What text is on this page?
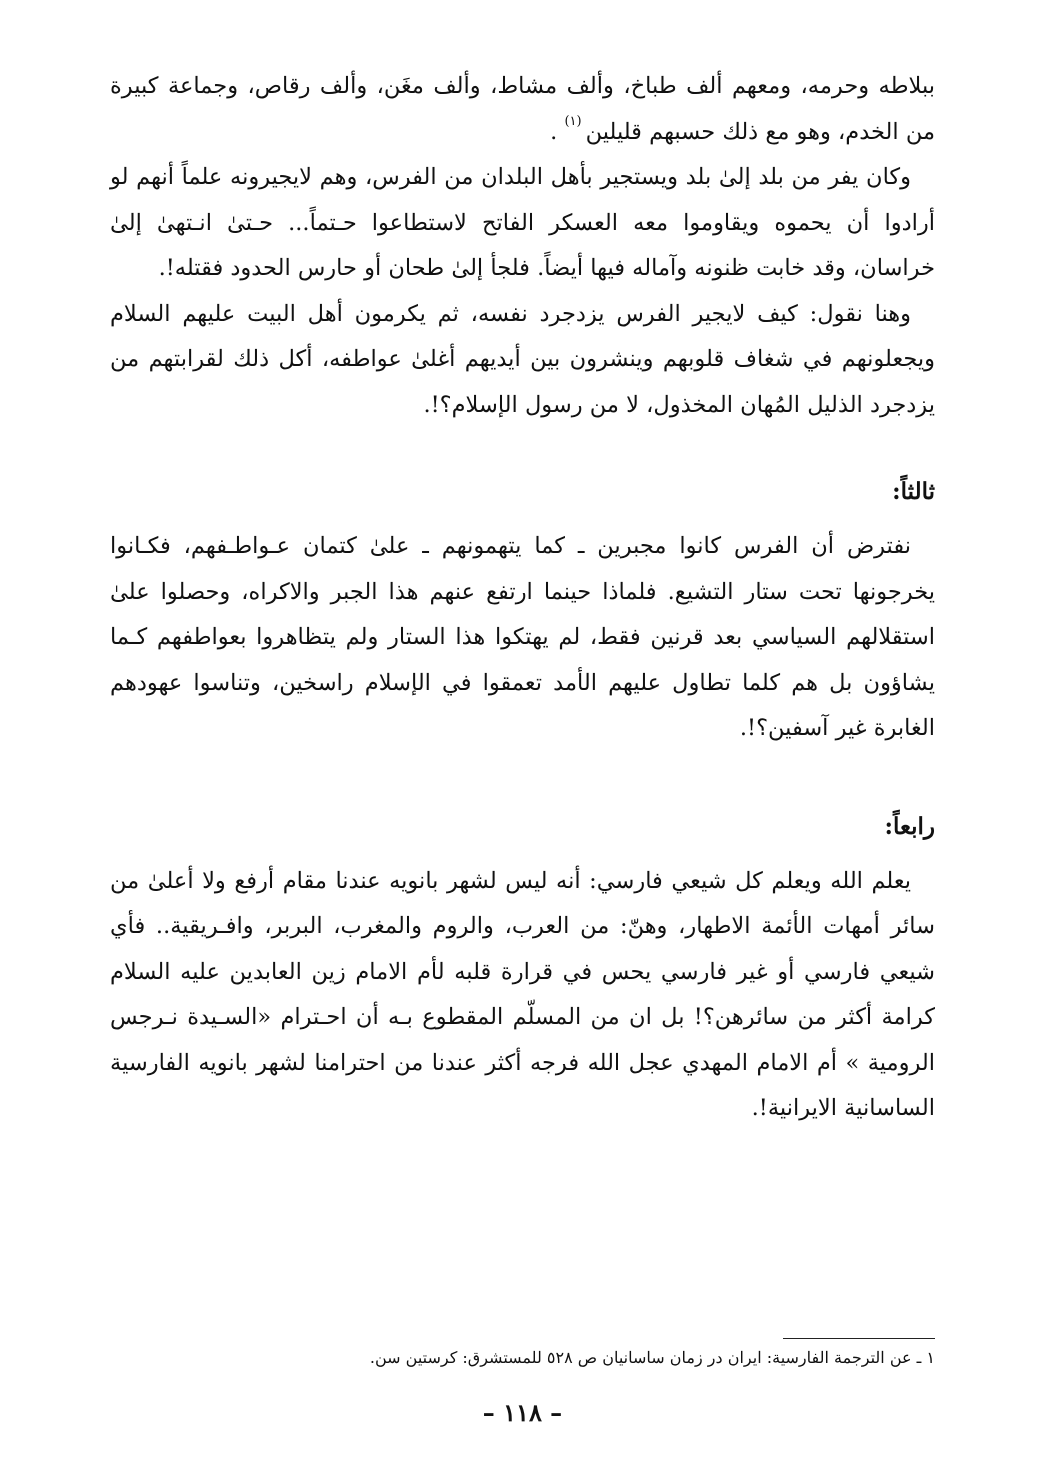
ببلاطه وحرمه، ومعهم ألف طباخ، وألف مشاط، وألف مغَن، وألف رقاص، وجماعة كبيرة من الخدم، وهو مع ذلك حسبهم قليلين$^{(١)}$ .

وكان يفر من بلد إلىٰ بلد ويستجير بأهل البلدان من الفرس، وهم لايجيرونه علماً أنهم لو أرادوا أن يحموه ويقاوموا معه العسكر الفاتح لاستطاعوا حـتماً... حـتىٰ انـتهىٰ إلىٰ خراسان، وقد خابت ظنونه وآماله فيها أيضاً. فلجأ إلىٰ طحان أو حارس الحدود فقتله!.

وهنا نقول: كيف لايجير الفرس يزدجرد نفسه، ثم يكرمون أهل البيت عليهم السلام ويجعلونهم في شغاف قلوبهم وينشرون بين أيديهم أغلىٰ عواطفه، أكل ذلك لقرابتهم من يزدجرد الذليل المُهان المخذول، لا من رسول الإسلام؟!.

ثالثاً:

نفترض أن الفرس كانوا مجبرين ـ كما يتهمونهم ـ علىٰ كتمان عـواطـفهم، فكـانوا يخرجونها تحت ستار التشيع. فلماذا حينما ارتفع عنهم هذا الجبر والاكراه، وحصلوا علىٰ استقلالهم السياسي بعد قرنين فقط، لم يهتكوا هذا الستار ولم يتظاهروا بعواطفهم كـما يشاؤون بل هم كلما تطاول عليهم الأمد تعمقوا في الإسلام راسخين، وتناسوا عهودهم الغابرة غير آسفين؟!.

رابعاً:

يعلم الله ويعلم كل شيعي فارسي: أنه ليس لشهر بانويه عندنا مقام أرفع ولا أعلىٰ من سائر أمهات الأئمة الاطهار، وهنّ: من العرب، والروم والمغرب، البربر، وافـريقية.. فأي شيعي فارسي أو غير فارسي يحس في قرارة قلبه لأم الامام زين العابدين عليه السلام كرامة أكثر من سائرهن؟! بل ان من المسلّم المقطوع بـه أن احـترام «السـيدة نـرجس الرومية » أم الامام المهدي عجل الله فرجه أكثر عندنا من احترامنا لشهر بانويه الفارسية الساسانية الايرانية!.

١ ـ عن الترجمة الفارسية: ايران در زمان ساسانيان ص ٥٢٨ للمستشرق: كرستين سن.
– ١١٨ –
